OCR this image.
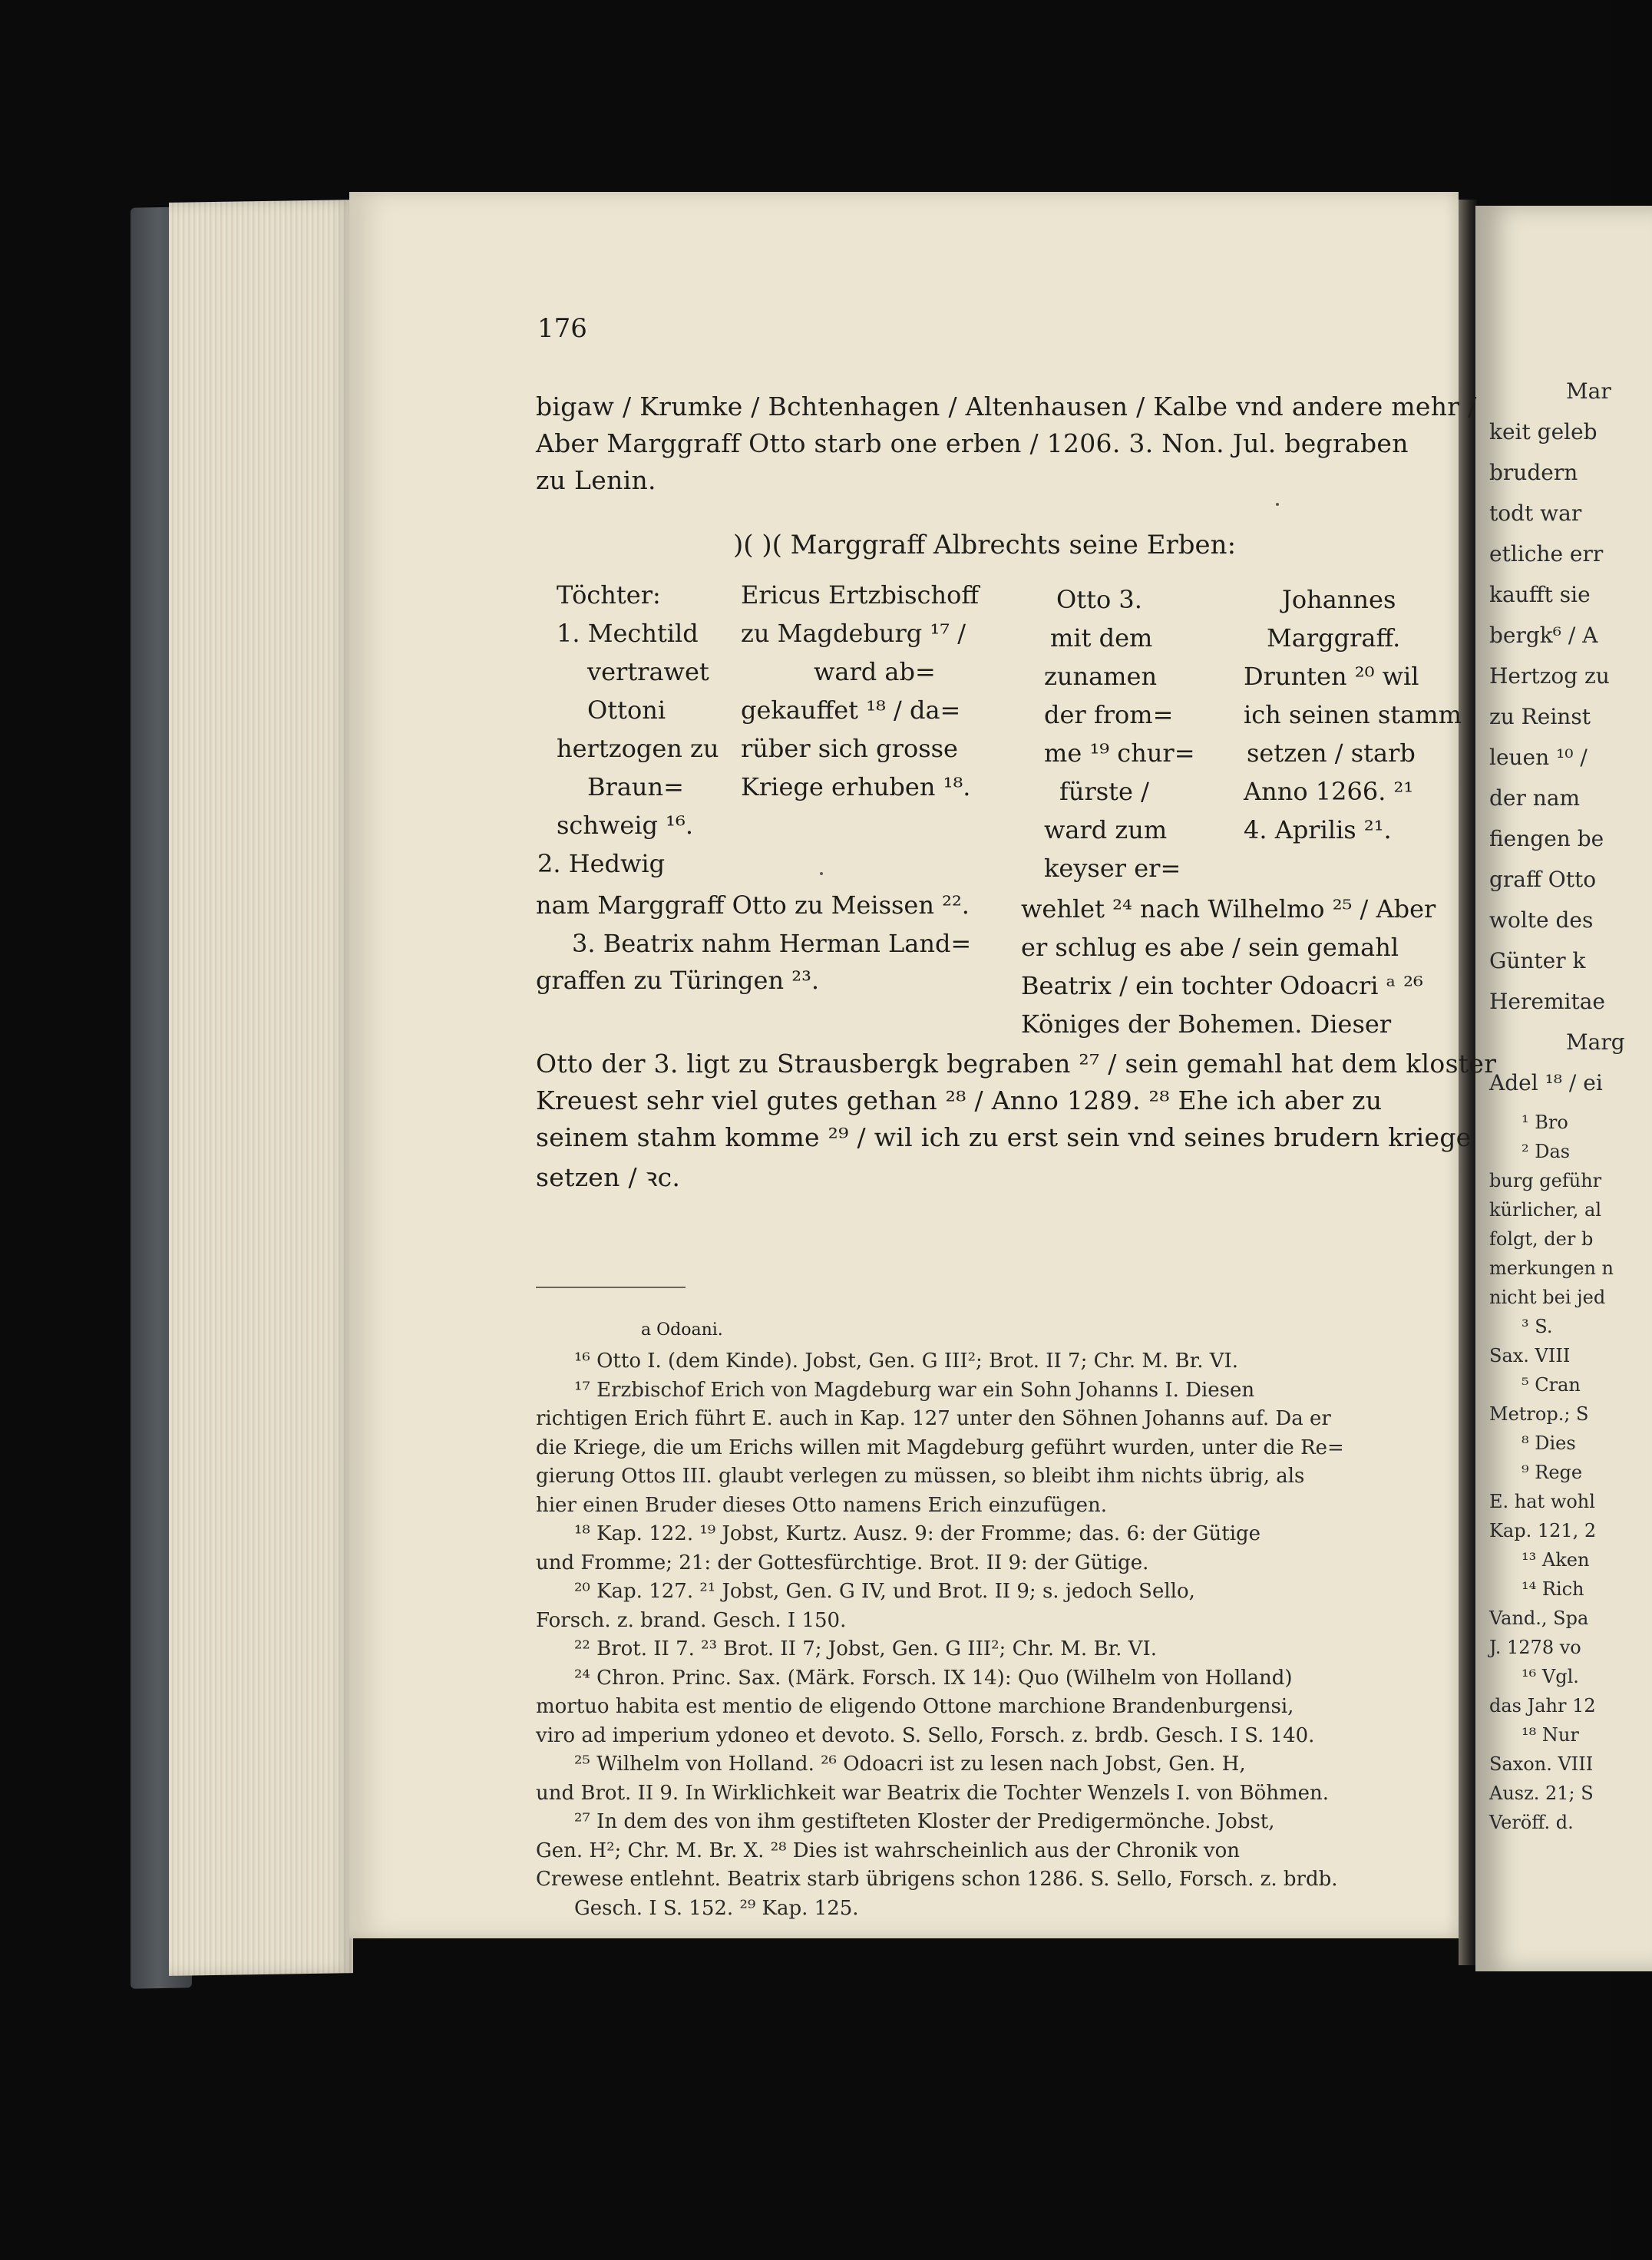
Mar
keit geleb
brudern
todt war
etliche err
kaufft sie
bergk⁶ / A
Hertzog zu
zu Reinst
leuen ¹⁰ /
der nam
fiengen be
graff Otto
wolte des
Günter k
Heremitae
Marg
Adel ¹⁸ / ei
¹ Bro
² Das
burg geführ
kürlicher, al
folgt, der b
merkungen n
nicht bei jed
³ S.
Sax. VIII
⁵ Cran
Metrop.; S
⁸ Dies
⁹ Rege
E. hat wohl
Kap. 121, 2
¹³ Aken
¹⁴ Rich
Vand., Spa
J. 1278 vo
¹⁶ Vgl.
das Jahr 12
¹⁸ Nur
Saxon. VIII
Ausz. 21; S
Veröff. d.
176
bigaw / Krumke / Bchtenhagen / Altenhausen / Kalbe vnd andere mehr /
Aber Marggraff Otto starb one erben / 1206. 3. Non. Jul. begraben
zu Lenin.
)( )( Marggraff Albrechts seine Erben:
Töchter:
1. Mechtild
vertrawet
Ottoni
hertzogen zu
Braun=
schweig ¹⁶.
2. Hedwig
Ericus Ertzbischoff
zu Magdeburg ¹⁷ /
ward ab=
gekauffet ¹⁸ / da=
rüber sich grosse
Kriege erhuben ¹⁸.
Otto 3.
mit dem
zunamen
der from=
me ¹⁹ chur=
fürste /
ward zum
keyser er=
Johannes
Marggraff.
Drunten ²⁰ wil
ich seinen stamm
setzen / starb
Anno 1266. ²¹
4. Aprilis ²¹.
nam Marggraff Otto zu Meissen ²². wehlet ²⁴ nach Wilhelmo ²⁵ / Aber
3. Beatrix nahm Herman Land= er schlug es abe / sein gemahl
graffen zu Türingen ²³.	Beatrix / ein tochter Odoacri ᵃ ²⁶
Königes der Bohemen. Dieser
Otto der 3. ligt zu Strausbergk begraben ²⁷ / sein gemahl hat dem kloster
Kreuest sehr viel gutes gethan ²⁸ / Anno 1289. ²⁸ Ehe ich aber zu
seinem stahm komme ²⁹ / wil ich zu erst sein vnd seines brudern kriege
setzen / ꝛc.
a Odoani.
¹⁶ Otto I. (dem Kinde). Jobst, Gen. G III²; Brot. II 7; Chr. M. Br. VI.
¹⁷ Erzbischof Erich von Magdeburg war ein Sohn Johanns I. Diesen
richtigen Erich führt E. auch in Kap. 127 unter den Söhnen Johanns auf. Da er
die Kriege, die um Erichs willen mit Magdeburg geführt wurden, unter die Re=
gierung Ottos III. glaubt verlegen zu müssen, so bleibt ihm nichts übrig, als
hier einen Bruder dieses Otto namens Erich einzufügen.
¹⁸ Kap. 122. ¹⁹ Jobst, Kurtz. Ausz. 9: der Fromme; das. 6: der Gütige
und Fromme; 21: der Gottesfürchtige. Brot. II 9: der Gütige.
²⁰ Kap. 127. ²¹ Jobst, Gen. G IV, und Brot. II 9; s. jedoch Sello,
Forsch. z. brand. Gesch. I 150.
²² Brot. II 7. ²³ Brot. II 7; Jobst, Gen. G III²; Chr. M. Br. VI.
²⁴ Chron. Princ. Sax. (Märk. Forsch. IX 14): Quo (Wilhelm von Holland)
mortuo habita est mentio de eligendo Ottone marchione Brandenburgensi,
viro ad imperium ydoneo et devoto. S. Sello, Forsch. z. brdb. Gesch. I S. 140.
²⁵ Wilhelm von Holland. ²⁶ Odoacri ist zu lesen nach Jobst, Gen. H,
und Brot. II 9. In Wirklichkeit war Beatrix die Tochter Wenzels I. von Böhmen.
²⁷ In dem des von ihm gestifteten Kloster der Predigermönche. Jobst,
Gen. H²; Chr. M. Br. X. ²⁸ Dies ist wahrscheinlich aus der Chronik von
Crewese entlehnt. Beatrix starb übrigens schon 1286. S. Sello, Forsch. z. brdb.
Gesch. I S. 152. ²⁹ Kap. 125.
